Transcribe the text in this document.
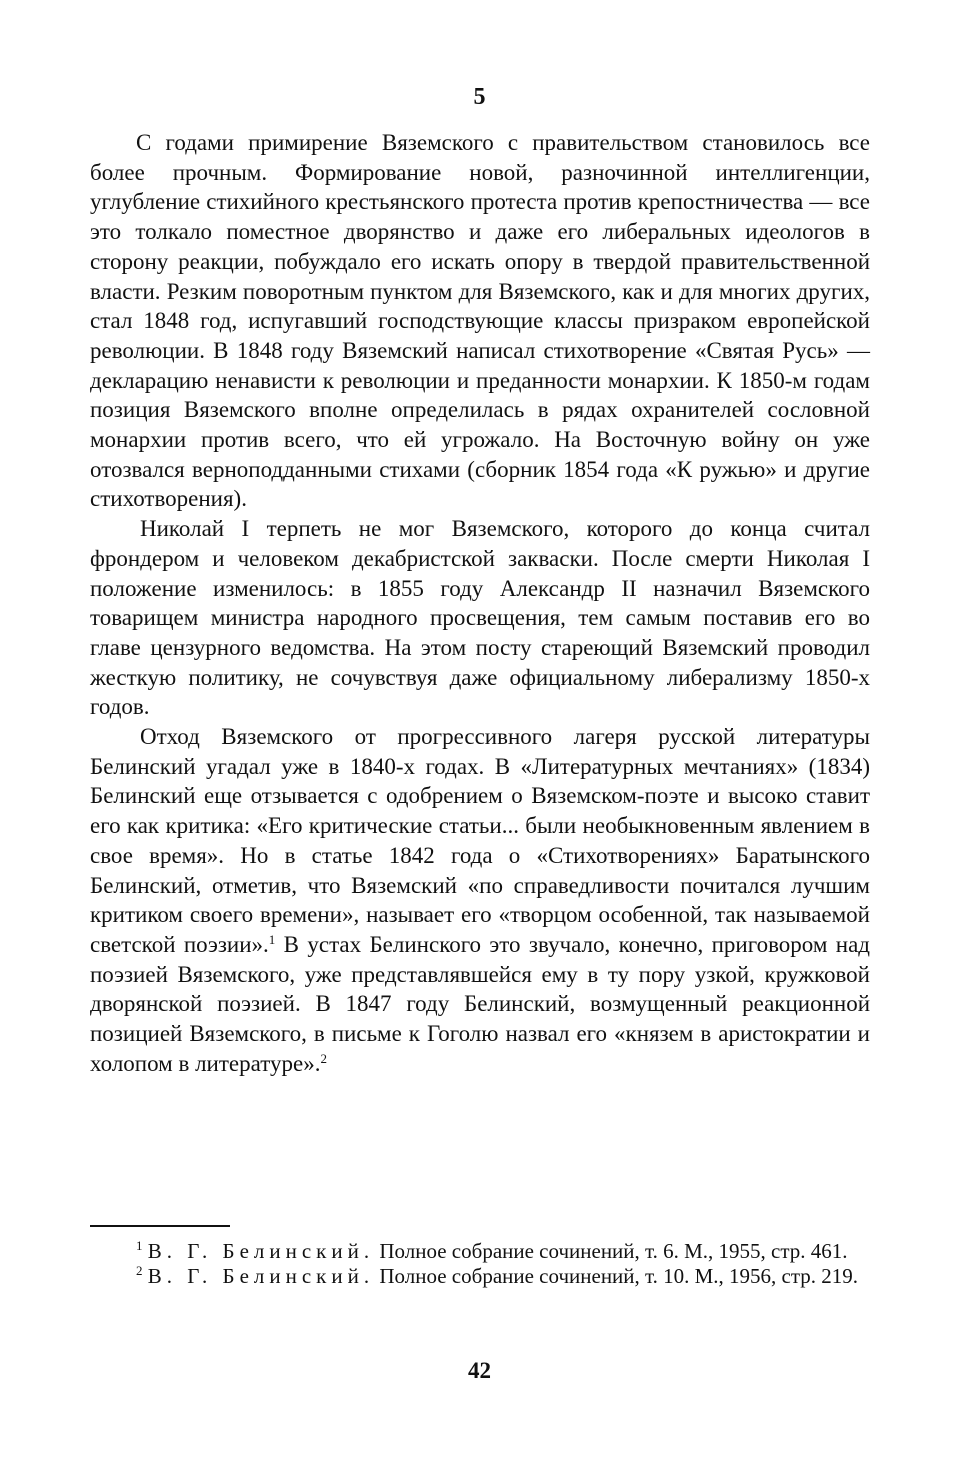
5

С годами примирение Вяземского с правительством становилось все более прочным. Формирование новой, разночинной интеллигенции, углубление стихийного крестьянского протеста против крепостничества — все это толкало поместное дворянство и даже его либеральных идеологов в сторону реакции, побуждало его искать опору в твердой правительственной власти. Резким поворотным пунктом для Вяземского, как и для многих других, стал 1848 год, испугавший господствующие классы призраком европейской революции. В 1848 году Вяземский написал стихотворение «Святая Русь» — декларацию ненависти к революции и преданности монархии. К 1850-м годам позиция Вяземского вполне определилась в рядах охранителей сословной монархии против всего, что ей угрожало. На Восточную войну он уже отозвался верноподданными стихами (сборник 1854 года «К ружью» и другие стихотворения).

Николай I терпеть не мог Вяземского, которого до конца считал фрондером и человеком декабристской закваски. После смерти Николая I положение изменилось: в 1855 году Александр II назначил Вяземского товарищем министра народного просвещения, тем самым поставив его во главе цензурного ведомства. На этом посту стареющий Вяземский проводил жесткую политику, не сочувствуя даже официальному либерализму 1850-х годов.

Отход Вяземского от прогрессивного лагеря русской литературы Белинский угадал уже в 1840-х годах. В «Литературных мечтаниях» (1834) Белинский еще отзывается с одобрением о Вяземском-поэте и высоко ставит его как критика: «Его критические статьи... были необыкновенным явлением в свое время». Но в статье 1842 года о «Стихотворениях» Баратынского Белинский, отметив, что Вяземский «по справедливости почитался лучшим критиком своего времени», называет его «творцом особенной, так называемой светской поэзии».$^1$ В устах Белинского это звучало, конечно, приговором над поэзией Вяземского, уже представлявшейся ему в ту пору узкой, кружковой дворянской поэзией. В 1847 году Белинский, возмущенный реакционной позицией Вяземского, в письме к Гоголю назвал его «князем в аристократии и холопом в литературе».$^2$

$^1$ В. Г. Белинский. Полное собрание сочинений, т. 6. М., 1955, стр. 461.

$^2$ В. Г. Белинский. Полное собрание сочинений, т. 10. М., 1956, стр. 219.

42
